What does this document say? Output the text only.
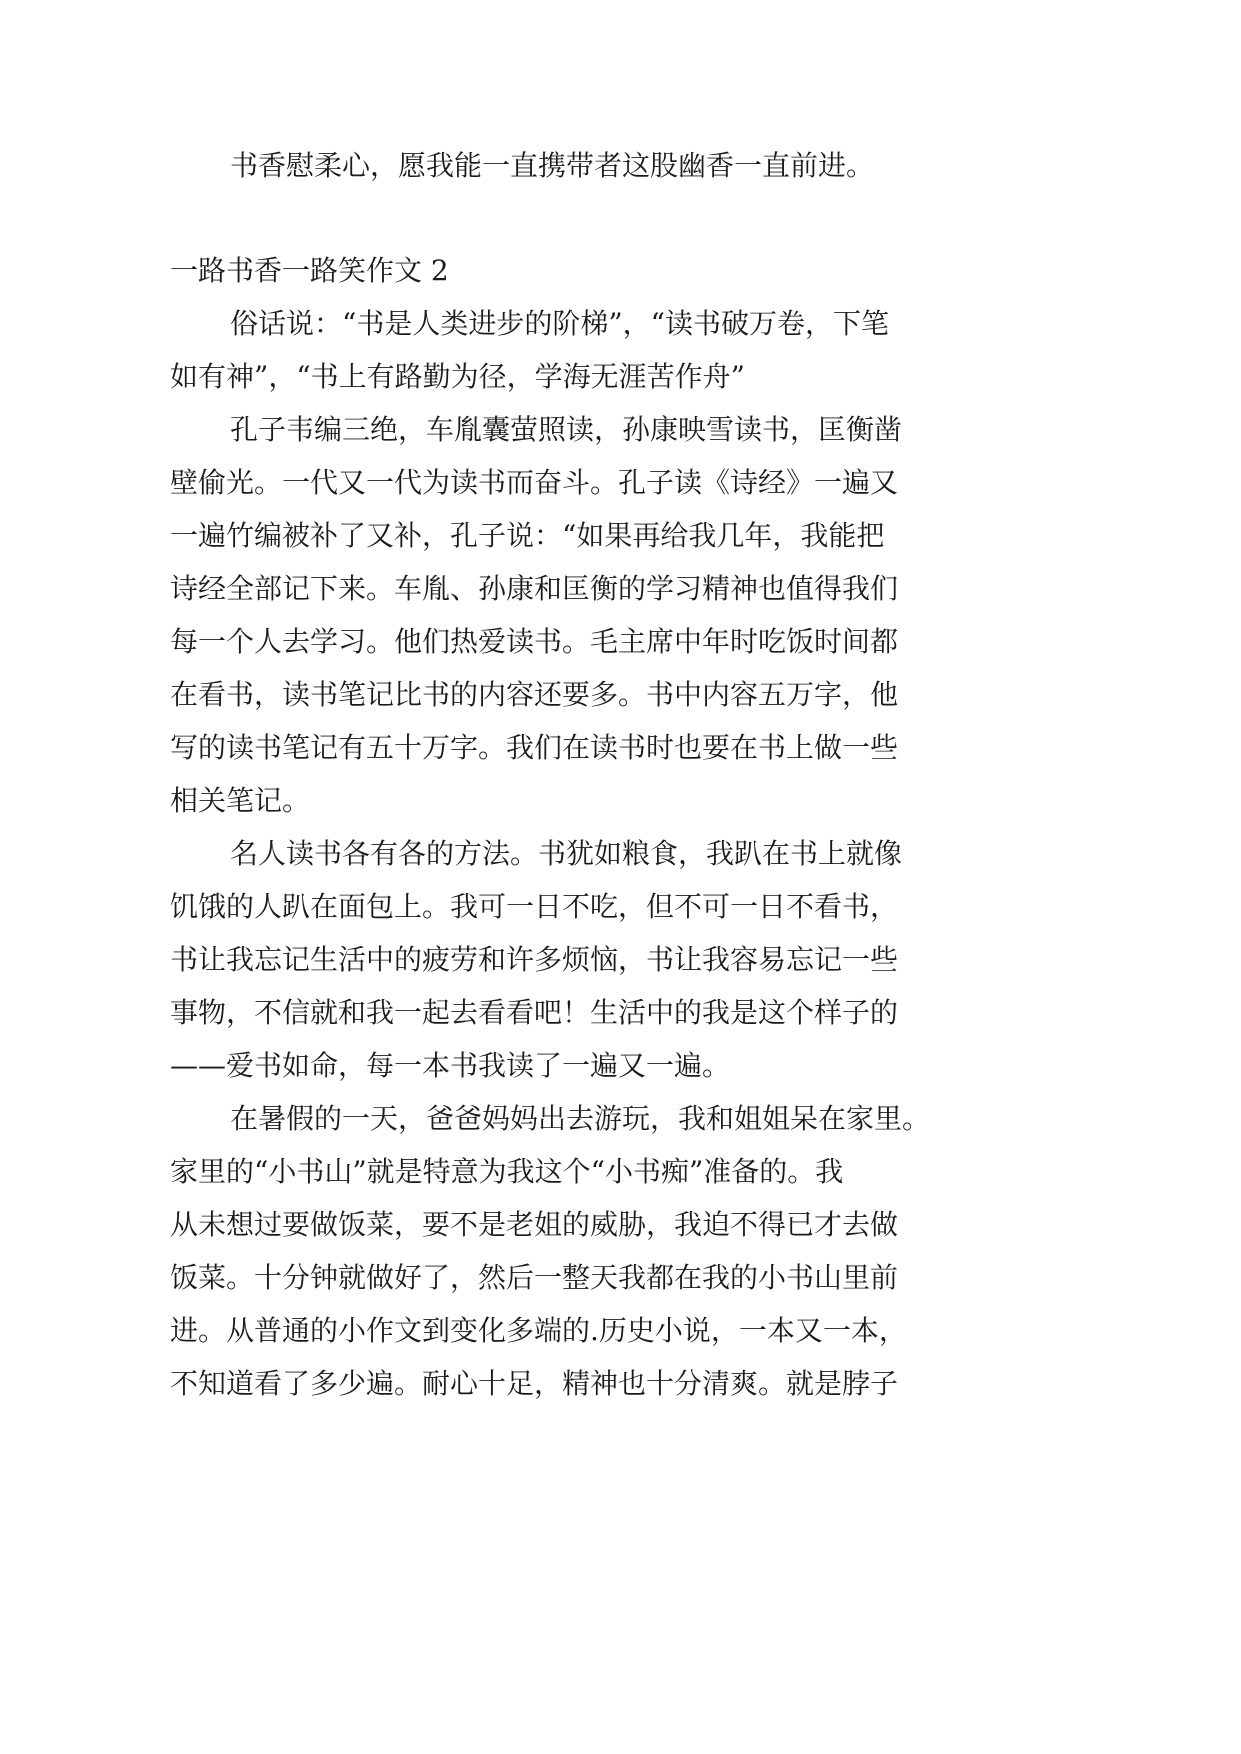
书香慰柔心，愿我能一直携带者这股幽香一直前进。
一路书香一路笑作文 2
俗话说：“书是人类进步的阶梯”，“读书破万卷，下笔
如有神”，“书上有路勤为径，学海无涯苦作舟”
孔子韦编三绝，车胤囊萤照读，孙康映雪读书，匡衡凿
壁偷光。一代又一代为读书而奋斗。孔子读《诗经》一遍又
一遍竹编被补了又补，孔子说：“如果再给我几年，我能把
诗经全部记下来。车胤、孙康和匡衡的学习精神也值得我们
每一个人去学习。他们热爱读书。毛主席中年时吃饭时间都
在看书，读书笔记比书的内容还要多。书中内容五万字，他
写的读书笔记有五十万字。我们在读书时也要在书上做一些
相关笔记。
名人读书各有各的方法。书犹如粮食，我趴在书上就像
饥饿的人趴在面包上。我可一日不吃，但不可一日不看书，
书让我忘记生活中的疲劳和许多烦恼，书让我容易忘记一些
事物，不信就和我一起去看看吧！生活中的我是这个样子的
——爱书如命，每一本书我读了一遍又一遍。
在暑假的一天，爸爸妈妈出去游玩，我和姐姐呆在家里。
家里的“小书山”就是特意为我这个“小书痴”准备的。我
从未想过要做饭菜，要不是老姐的威胁，我迫不得已才去做
饭菜。十分钟就做好了，然后一整天我都在我的小书山里前
进。从普通的小作文到变化多端的.历史小说，一本又一本，
不知道看了多少遍。耐心十足，精神也十分清爽。就是脖子
